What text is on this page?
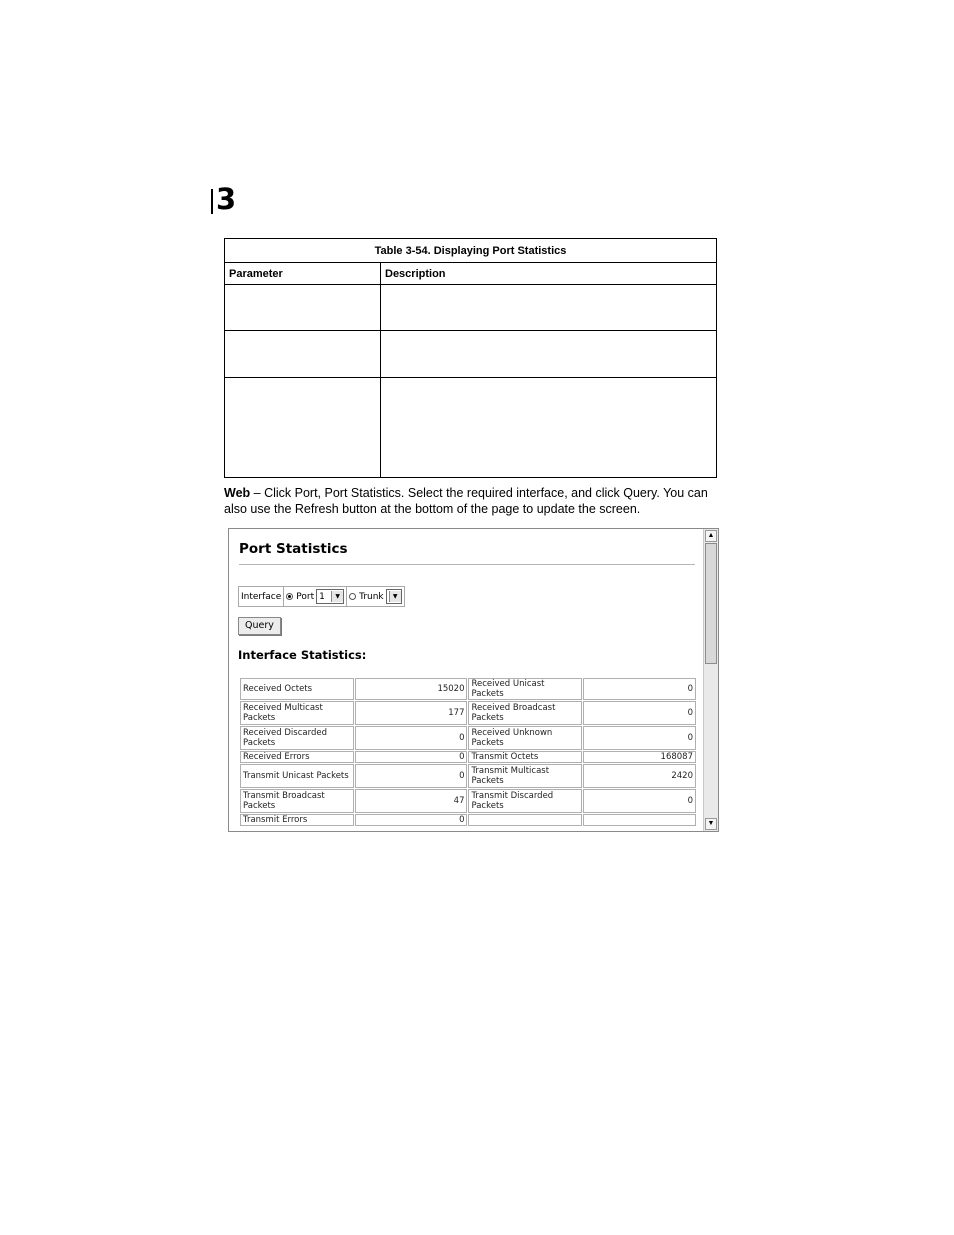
3
Table 3-54. Displaying Port Statistics	
Parameter	Description

Web – Click Port, Port Statistics. Select the required interface, and click Query. You can also use the Refresh button at the bottom of the page to update the screen.
Port Statistics
Interface Port 1	▼	Trunk	▼
Query
Interface Statistics:
Received Octets	15020	Received Unicast Packets	0
Received Multicast Packets	177	Received Broadcast Packets	0
Received Discarded Packets	0	Received Unknown Packets	0
Received Errors	0	Transmit Octets	168087
Transmit Unicast Packets	0	Transmit Multicast Packets	2420
Transmit Broadcast Packets	47	Transmit Discarded Packets	0
Transmit Errors	0		
▲
▼
